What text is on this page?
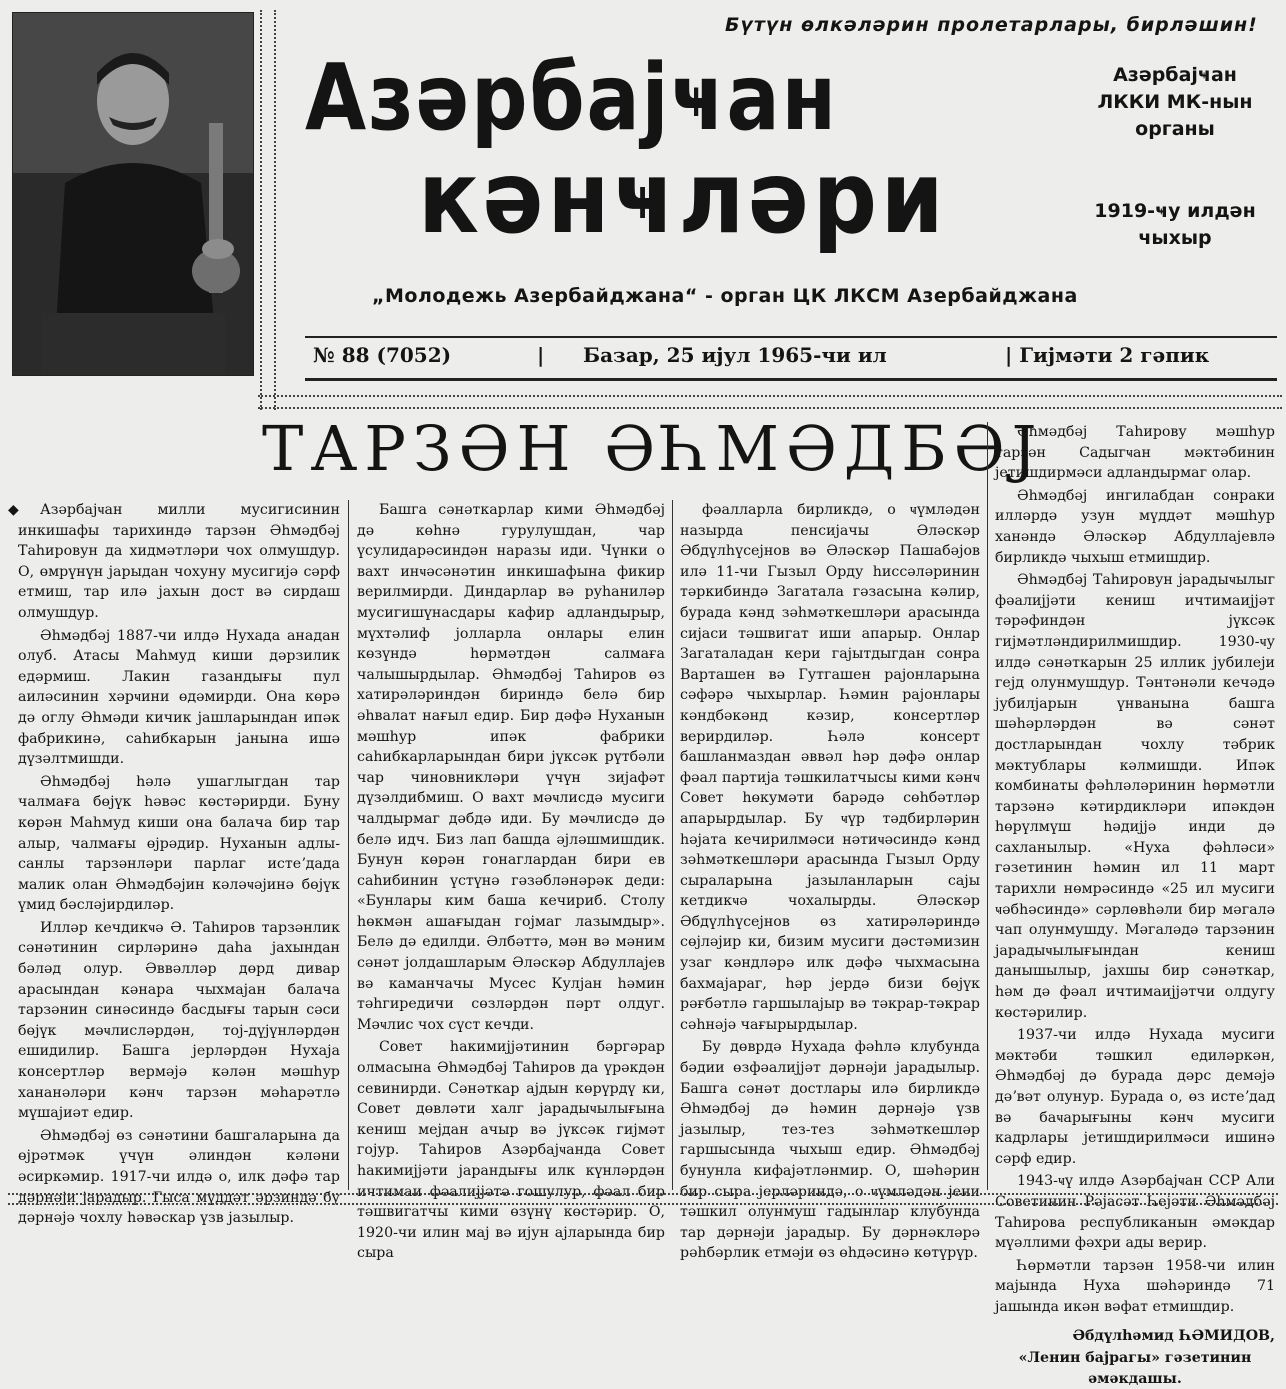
Бүтүн өлкәләрин пролетарлары, бирләшин!
Азәрбајҹан
кәнҹләри
Азәрбајҹан
ЛККИ МК-нын
органы
1919-ҹу илдән
чыхыр
„Молодежь Азербайджана“ - орган ЦК ЛКСМ Азербайджана
№ 88 (7052)	| Базар, 25 ијул 1965-чи ил	| Гијмәти 2 гәпик
ТАРЗӘН ӘҺМӘДБӘЈ
◆	Азәрбајҹан милли мусигисинин инкишафы тарихиндә тарзән Әһмәдбәј Таһировун да хидмәтләри чох олмушдур. О, өмрүнүн јарыдан чохуну мусигијә сәрф етмиш, тар илә јахын дост вә сирдаш олмушдур.

Әһмәдбәј 1887-чи илдә Нухада анадан олуб. Атасы Маһмуд киши дәрзилик едәрмиш. Лакин газандығы пул аиләсинин хәрҹини өдәмирди. Она көрә дә оглу Әһмәди кичик јашларындан ипәк фабрикинә, саһибкарын јанына ишә дүзәлтмишди.

Әһмәдбәј һәлә ушаглыгдан тар чалмаға бөјүк һәвәс көстәрирди. Буну көрән Маһмуд киши она балача бир тар алыр, чалмағы өјрәдир. Нуханын адлы-санлы тарзәнләри парлаг истеʼдада малик олан Әһмәдбәјин кәләҹәјинә бөјүк үмид бәсләјирдиләр.

Илләр кечдикҹә Ә. Таһиров тарзәнлик сәнәтинин сирләринә даһа јахындан бәләд олур. Әввәлләр дөрд дивар арасындан кәнара чыхмајан балача тарзәнин синәсиндә басдығы тарын сәси бөјүк мәҹлисләрдән, тој-дүјүнләрдән ешидилир. Башга јерләрдән Нухаја консертләр вермәјә кәлән мәшһур хананәләри кәнҹ тарзән мәһарәтлә мүшајиәт едир.

Әһмәдбәј өз сәнәтини башгаларына да өјрәтмәк үчүн әлиндән кәләни әсиркәмир. 1917-чи илдә о, илк дәфә тар дәрнәји јарадыр. Гыса мүддәт әрзиндә бу дәрнәјә чохлу һәвәскар үзв јазылыр.

Башга сәнәткарлар кими Әһмәдбәј дә көһнә гурулушдан, чар үсулидарәсиндән наразы иди. Чүнки о вахт инҹәсәнәтин инкишафына фикир верилмирди. Диндарлар вә руһаниләр мусигишүнасдары кафир адландырыр, мүхтәлиф јолларла онлары елин көзүндә һөрмәтдән салмаға чалышырдылар. Әһмәдбәј Таһиров өз хатирәләриндән бириндә белә бир әһвалат нағыл едир. Бир дәфә Нуханын мәшһур ипәк фабрики саһибкарларындан бири јүксәк рүтбәли чар чиновникләри үчүн зијафәт дүзәлдибмиш. О вахт мәҹлисдә мусиги чалдырмаг дәбдә иди. Бу мәҹлисдә дә белә идч. Биз лап башда әјләшмишдик. Бунун көрән гонаглардан бири ев саһибинин үстүнә гәзәбләнәрәк деди: «Бунлары ким баша кечириб. Столу һөкмән ашағыдан гојмаг лазымдыр». Белә дә едилди. Әлбәттә, мән вә мәним сәнәт јолдашларым Әләскәр Абдуллајев вә каманчачы Мусес Кулјан һәмин тәһгиредичи сөзләрдән пәрт олдуг. Мәҹлис чох сүст кечди.

Совет һакимијјәтинин бәргәрар олмасына Әһмәдбәј Таһиров да үрәкдән севинирди. Сәнәткар ајдын көрүрдү ки, Совет дөвләти халг јарадыҹылығына кениш мејдан ачыр вә јүксәк гијмәт гојур. Таһиров Азәрбајҹанда Совет һакимијјәти јарандығы илк күнләрдән ичтимаи фәалијјәтә гошулур, фәал бир тәшвигатчы кими өзүнү көстәрир. О, 1920-чи илин мај вә ијун ајларында бир сыра

фәалларла бирликдә, о ҹүмләдән назырда пенсијачы Әләскәр Әбдүлһүсејнов вә Әләскәр Пашабәјов илә 11-чи Гызыл Орду һиссәләринин тәркибиндә Загатала гәзасына кәлир, бурада кәнд зәһмәткешләри арасында сијаси тәшвигат иши апарыр. Онлар Загаталадан кери гајытдыгдан сонра Варташен вә Гутгашен рајонларына сәфәрә чыхырлар. Һәмин рајонлары кәндбәкәнд кәзир, консертләр верирдиләр. Һәлә консерт башланмаздан әввәл һәр дәфә онлар фәал партија тәшкилатчысы кими кәнҹ Совет һөкумәти барәдә сөһбәтләр апарырдылар. Бу ҹүр тәдбирләрин һәјата кечирилмәси нәтиҹәсиндә кәнд зәһмәткешләри арасында Гызыл Орду сыраларына јазыланларын сајы кетдикҹә чохалырды. Әләскәр Әбдүлһүсејнов өз хатирәләриндә сөјләјир ки, бизим мусиги дәстәмизин узаг кәндләрә илк дәфә чыхмасына бахмајараг, һәр јердә бизи бөјүк рәғбәтлә гаршылајыр вә тәкрар-тәкрар сәһнәјә чағырырдылар.

Бу дөврдә Нухада фәһлә клубунда бәдии өзфәалијјәт дәрнәји јарадылыр. Башга сәнәт достлары илә бирликдә Әһмәдбәј дә һәмин дәрнәјә үзв јазылыр, тез-тез зәһмәткешләр гаршысында чыхыш едир. Әһмәдбәј бунунла кифајәтләнмир. О, шәһәрин бир сыра јерләриндә, о ҹүмләдән јени тәшкил олунмуш гадынлар клубунда тар дәрнәји јарадыр. Бу дәрнәкләрә рәһбәрлик етмәји өз өһдәсинә көтүрүр.

Әһмәдбәј Таһирову мәшһур тарзән Садыгҹан мәктәбинин јетишдирмәси адландырмаг олар.

Әһмәдбәј ингилабдан сонраки илләрдә узун мүддәт мәшһур ханәндә Әләскәр Абдуллајевлә бирликдә чыхыш етмишдир.

Әһмәдбәј Таһировун јарадыҹылыг фәалијјәти кениш ичтимаијјәт тәрәфиндән јүксәк гијмәтләндирилмишдир. 1930-ҹу илдә сәнәткарын 25 иллик јубилеји гејд олунмушдур. Тәнтәнәли кечәдә јубилјарын үнванына башга шәһәрләрдән вә сәнәт достларындан чохлу тәбрик мәктублары кәлмишди. Ипәк комбинаты фәһләләринин һөрмәтли тарзәнә кәтирдикләри ипәкдән һөрүлмүш һәдијјә инди дә сахланылыр. «Нуха фәһләси» гәзетинин һәмин ил 11 март тарихли нөмрәсиндә «25 ил мусиги ҹәбһәсиндә» сәрлөвһәли бир мәгалә чап олунмушду. Мәгаләдә тарзәнин јарадыҹылығындан кениш данышылыр, јахшы бир сәнәткар, һәм дә фәал ичтимаијјәтчи олдугу көстәрилир.

1937-чи илдә Нухада мусиги мәктәби тәшкил едиләркән, Әһмәдбәј дә бурада дәрс демәјә дәʼвәт олунур. Бурада о, өз истеʼдад вә баҹарығыны кәнҹ мусиги кадрлары јетишдирилмәси ишинә сәрф едир.

1943-ҹү илдә Азәрбајҹан ССР Али Советинин Рәјасәт Һејәти Әһмәдбәј Таһирова республиканын әмәкдар мүәллими фәхри ады верир.

Һөрмәтли тарзән 1958-чи илин мајында Нуха шәһәриндә 71 јашында икән вәфат етмишдир.

Әбдүлһәмид ҺӘМИДОВ,

«Ленин бајрагы» гәзетинин әмәкдашы.
